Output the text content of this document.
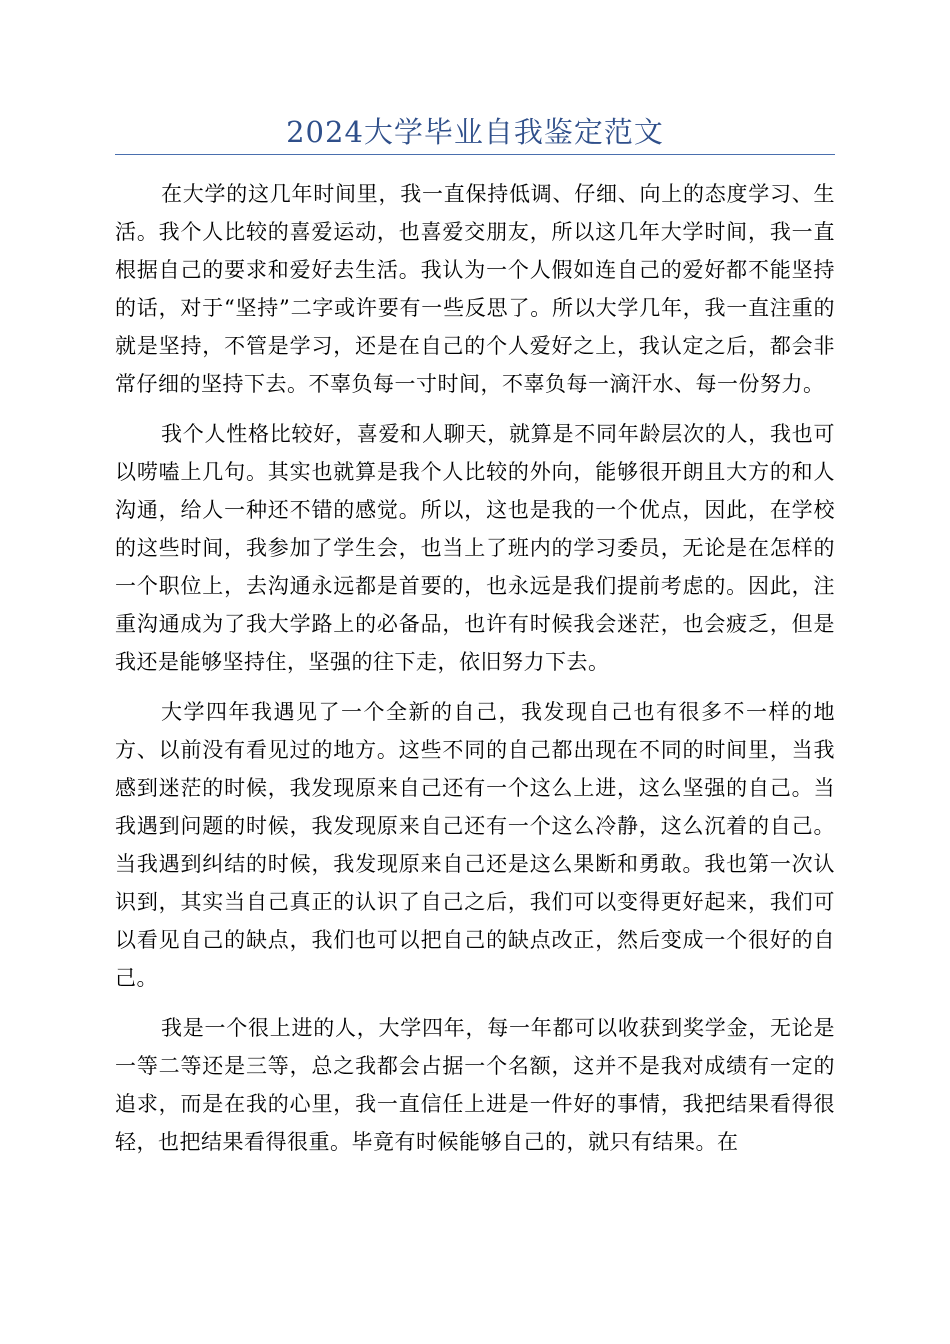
2024大学毕业自我鉴定范文

在大学的这几年时间里，我一直保持低调、仔细、向上的态度学习、生活。我个人比较的喜爱运动，也喜爱交朋友，所以这几年大学时间，我一直根据自己的要求和爱好去生活。我认为一个人假如连自己的爱好都不能坚持的话，对于“坚持”二字或许要有一些反思了。所以大学几年，我一直注重的就是坚持，不管是学习，还是在自己的个人爱好之上，我认定之后，都会非常仔细的坚持下去。不辜负每一寸时间，不辜负每一滴汗水、每一份努力。

我个人性格比较好，喜爱和人聊天，就算是不同年龄层次的人，我也可以唠嗑上几句。其实也就算是我个人比较的外向，能够很开朗且大方的和人沟通，给人一种还不错的感觉。所以，这也是我的一个优点，因此，在学校的这些时间，我参加了学生会，也当上了班内的学习委员，无论是在怎样的一个职位上，去沟通永远都是首要的，也永远是我们提前考虑的。因此，注重沟通成为了我大学路上的必备品，也许有时候我会迷茫，也会疲乏，但是我还是能够坚持住，坚强的往下走，依旧努力下去。

大学四年我遇见了一个全新的自己，我发现自己也有很多不一样的地方、以前没有看见过的地方。这些不同的自己都出现在不同的时间里，当我感到迷茫的时候，我发现原来自己还有一个这么上进，这么坚强的自己。当我遇到问题的时候，我发现原来自己还有一个这么冷静，这么沉着的自己。当我遇到纠结的时候，我发现原来自己还是这么果断和勇敢。我也第一次认识到，其实当自己真正的认识了自己之后，我们可以变得更好起来，我们可以看见自己的缺点，我们也可以把自己的缺点改正，然后变成一个很好的自己。

我是一个很上进的人，大学四年，每一年都可以收获到奖学金，无论是一等二等还是三等，总之我都会占据一个名额，这并不是我对成绩有一定的追求，而是在我的心里，我一直信任上进是一件好的事情，我把结果看得很轻，也把结果看得很重。毕竟有时候能够自己的，就只有结果。在
